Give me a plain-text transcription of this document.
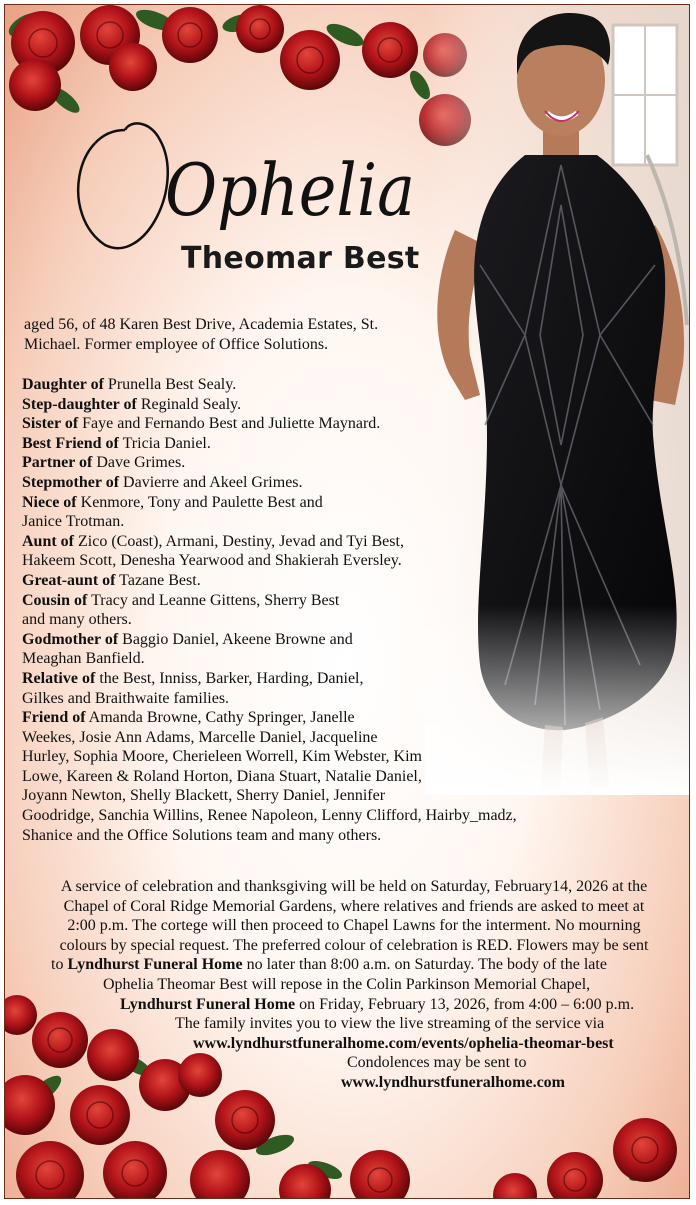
Ophelia
Theomar Best
aged 56, of 48 Karen Best Drive, Academia Estates, St. Michael. Former employee of Office Solutions.

Daughter of Prunella Best Sealy.

Step-daughter of Reginald Sealy.

Sister of Faye and Fernando Best and Juliette Maynard.

Best Friend of Tricia Daniel.

Partner of Dave Grimes.

Stepmother of Davierre and Akeel Grimes.

Niece of Kenmore, Tony and Paulette Best and

Janice Trotman.

Aunt of Zico (Coast), Armani, Destiny, Jevad and Tyi Best,

Hakeem Scott, Denesha Yearwood and Shakierah Eversley.

Great-aunt of Tazane Best.

Cousin of Tracy and Leanne Gittens, Sherry Best

and many others.

Godmother of Baggio Daniel, Akeene Browne and

Meaghan Banfield.

Relative of the Best, Inniss, Barker, Harding, Daniel,

Gilkes and Braithwaite families.

Friend of Amanda Browne, Cathy Springer, Janelle

Weekes, Josie Ann Adams, Marcelle Daniel, Jacqueline

Hurley, Sophia Moore, Cherieleen Worrell, Kim Webster, Kim

Lowe, Kareen & Roland Horton, Diana Stuart, Natalie Daniel,

Joyann Newton, Shelly Blackett, Sherry Daniel, Jennifer

Goodridge, Sanchia Willins, Renee Napoleon, Lenny Clifford, Hairby_madz,

Shanice and the Office Solutions team and many others.

A service of celebration and thanksgiving will be held on Saturday, February14, 2026 at the

Chapel of Coral Ridge Memorial Gardens, where relatives and friends are asked to meet at

2:00 p.m. The cortege will then proceed to Chapel Lawns for the interment. No mourning

colours by special request. The preferred colour of celebration is RED. Flowers may be sent

to Lyndhurst Funeral Home no later than 8:00 a.m. on Saturday. The body of the late

Ophelia Theomar Best will repose in the Colin Parkinson Memorial Chapel,

Lyndhurst Funeral Home on Friday, February 13, 2026, from 4:00 – 6:00 p.m.

The family invites you to view the live streaming of the service via

www.lyndhurstfuneralhome.com/events/ophelia-theomar-best

Condolences may be sent to

www.lyndhurstfuneralhome.com
